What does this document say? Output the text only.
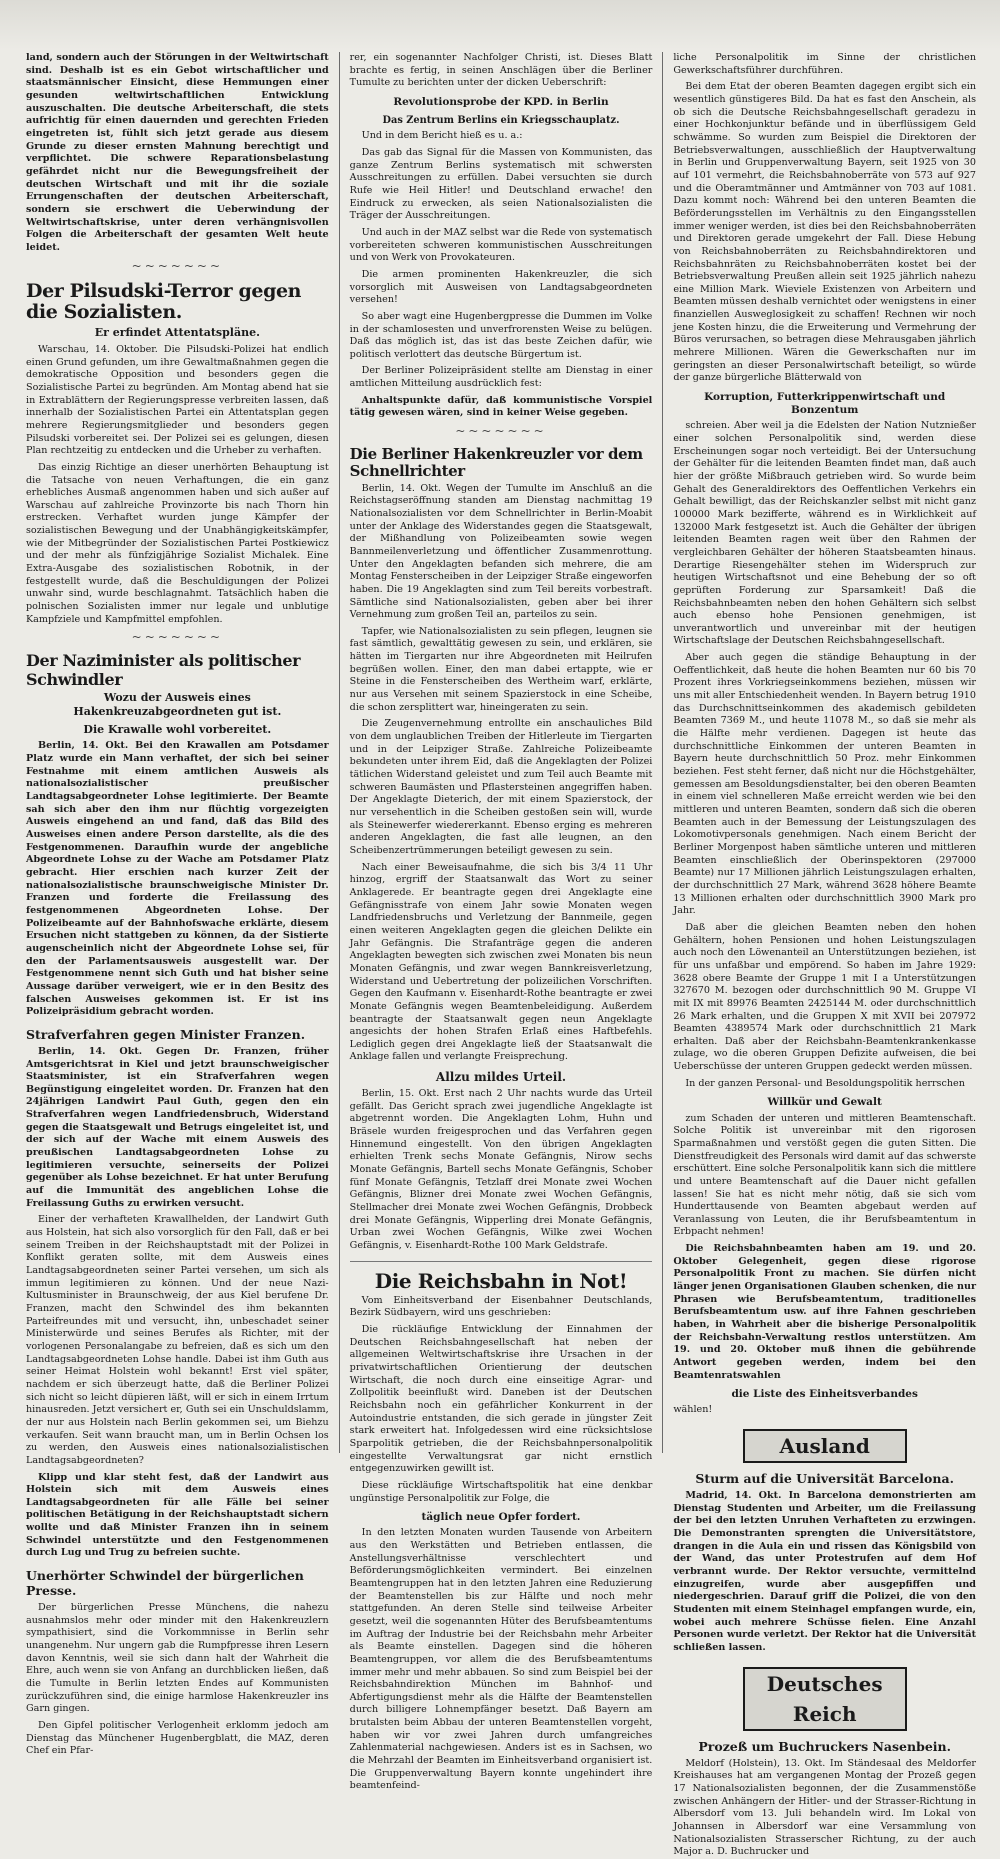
land, sondern auch der Störungen in der Weltwirtschaft sind. Deshalb ist es ein Gebot wirtschaftlicher und staatsmännischer Einsicht, diese Hemmungen einer gesunden weltwirtschaftlichen Entwicklung auszuschalten. Die deutsche Arbeiterschaft, die stets aufrichtig für einen dauernden und gerechten Frieden eingetreten ist, fühlt sich jetzt gerade aus diesem Grunde zu dieser ernsten Mahnung berechtigt und verpflichtet. Die schwere Reparationsbelastung gefährdet nicht nur die Bewegungsfreiheit der deutschen Wirtschaft und mit ihr die soziale Errungenschaften der deutschen Arbeiterschaft, sondern sie erschwert die Ueberwindung der Weltwirtschaftskrise, unter deren verhängnisvollen Folgen die Arbeiterschaft der gesamten Welt heute leidet.

~~~~~~~
Der Pilsudski-Terror gegen die Sozialisten.
Er erfindet Attentatspläne.

Warschau, 14. Oktober. Die Pilsudski-Polizei hat endlich einen Grund gefunden, um ihre Gewaltmaßnahmen gegen die demokratische Opposition und besonders gegen die Sozialistische Partei zu begründen. Am Montag abend hat sie in Extrablättern der Regierungspresse verbreiten lassen, daß innerhalb der Sozialistischen Partei ein Attentatsplan gegen mehrere Regierungsmitglieder und besonders gegen Pilsudski vorbereitet sei. Der Polizei sei es gelungen, diesen Plan rechtzeitig zu entdecken und die Urheber zu verhaften.

Das einzig Richtige an dieser unerhörten Behauptung ist die Tatsache von neuen Verhaftungen, die ein ganz erhebliches Ausmaß angenommen haben und sich außer auf Warschau auf zahlreiche Provinzorte bis nach Thorn hin erstrecken. Verhaftet wurden junge Kämpfer der sozialistischen Bewegung und der Unabhängigkeitskämpfer, wie der Mitbegründer der Sozialistischen Partei Postkiewicz und der mehr als fünfzigjährige Sozialist Michalek. Eine Extra-Ausgabe des sozialistischen Robotnik, in der festgestellt wurde, daß die Beschuldigungen der Polizei unwahr sind, wurde beschlagnahmt. Tatsächlich haben die polnischen Sozialisten immer nur legale und unblutige Kampfziele und Kampfmittel empfohlen.

~~~~~~~
Der Naziminister als politischer Schwindler
Wozu der Ausweis eines Hakenkreuzabgeordneten gut ist.
Die Krawalle wohl vorbereitet.

Berlin, 14. Okt. Bei den Krawallen am Potsdamer Platz wurde ein Mann verhaftet, der sich bei seiner Festnahme mit einem amtlichen Ausweis als nationalsozialistischer preußischer Landtagsabgeordneter Lohse legitimierte. Der Beamte sah sich aber den ihm nur flüchtig vorgezeigten Ausweis eingehend an und fand, daß das Bild des Ausweises einen andere Person darstellte, als die des Festgenommenen. Daraufhin wurde der angebliche Abgeordnete Lohse zu der Wache am Potsdamer Platz gebracht. Hier erschien nach kurzer Zeit der nationalsozialistische braunschweigische Minister Dr. Franzen und forderte die Freilassung des festgenommenen Abgeordneten Lohse. Der Polizeibeamte auf der Bahnhofswache erklärte, diesem Ersuchen nicht stattgeben zu können, da der Sistierte augenscheinlich nicht der Abgeordnete Lohse sei, für den der Parlamentsausweis ausgestellt war. Der Festgenommene nennt sich Guth und hat bisher seine Aussage darüber verweigert, wie er in den Besitz des falschen Ausweises gekommen ist. Er ist ins Polizeipräsidium gebracht worden.

Strafverfahren gegen Minister Franzen.

Berlin, 14. Okt. Gegen Dr. Franzen, früher Amtsgerichtsrat in Kiel und jetzt braunschweigischer Staatsminister, ist ein Strafverfahren wegen Begünstigung eingeleitet worden. Dr. Franzen hat den 24jährigen Landwirt Paul Guth, gegen den ein Strafverfahren wegen Landfriedensbruch, Widerstand gegen die Staatsgewalt und Betrugs eingeleitet ist, und der sich auf der Wache mit einem Ausweis des preußischen Landtagsabgeordneten Lohse zu legitimieren versuchte, seinerseits der Polizei gegenüber als Lohse bezeichnet. Er hat unter Berufung auf die Immunität des angeblichen Lohse die Freilassung Guths zu erwirken versucht.

Einer der verhafteten Krawallhelden, der Landwirt Guth aus Holstein, hat sich also vorsorglich für den Fall, daß er bei seinem Treiben in der Reichshauptstadt mit der Polizei in Konflikt geraten sollte, mit dem Ausweis eines Landtagsabgeordneten seiner Partei versehen, um sich als immun legitimieren zu können. Und der neue Nazi-Kultusminister in Braunschweig, der aus Kiel berufene Dr. Franzen, macht den Schwindel des ihm bekannten Parteifreundes mit und versucht, ihn, unbeschadet seiner Ministerwürde und seines Berufes als Richter, mit der vorlogenen Personalangabe zu befreien, daß es sich um den Landtagsabgeordneten Lohse handle. Dabei ist ihm Guth aus seiner Heimat Holstein wohl bekannt! Erst viel später, nachdem er sich überzeugt hatte, daß die Berliner Polizei sich nicht so leicht düpieren läßt, will er sich in einem Irrtum hinausreden. Jetzt versichert er, Guth sei ein Unschuldslamm, der nur aus Holstein nach Berlin gekommen sei, um Biehzu verkaufen. Seit wann braucht man, um in Berlin Ochsen los zu werden, den Ausweis eines nationalsozialistischen Landtagsabgeordneten?

Klipp und klar steht fest, daß der Landwirt aus Holstein sich mit dem Ausweis eines Landtagsabgeordneten für alle Fälle bei seiner politischen Betätigung in der Reichshauptstadt sichern wollte und daß Minister Franzen ihn in seinem Schwindel unterstützte und den Festgenommenen durch Lug und Trug zu befreien suchte.

Unerhörter Schwindel der bürgerlichen Presse.

Der bürgerlichen Presse Münchens, die nahezu ausnahmslos mehr oder minder mit den Hakenkreuzlern sympathisiert, sind die Vorkommnisse in Berlin sehr unangenehm. Nur ungern gab die Rumpfpresse ihren Lesern davon Kenntnis, weil sie sich dann halt der Wahrheit die Ehre, auch wenn sie von Anfang an durchblicken ließen, daß die Tumulte in Berlin letzten Endes auf Kommunisten zurückzuführen sind, die einige harmlose Hakenkreuzler ins Garn gingen.

Den Gipfel politischer Verlogenheit erklomm jedoch am Dienstag das Münchener Hugenbergblatt, die MAZ, deren Chef ein Pfar-

rer, ein sogenannter Nachfolger Christi, ist. Dieses Blatt brachte es fertig, in seinen Anschlägen über die Berliner Tumulte zu berichten unter der dicken Ueberschrift:

Revolutionsprobe der KPD. in Berlin
Das Zentrum Berlins ein Kriegsschauplatz.

Und in dem Bericht hieß es u. a.:

Das gab das Signal für die Massen von Kommunisten, das ganze Zentrum Berlins systematisch mit schwersten Ausschreitungen zu erfüllen. Dabei versuchten sie durch Rufe wie Heil Hitler! und Deutschland erwache! den Eindruck zu erwecken, als seien Nationalsozialisten die Träger der Ausschreitungen.

Und auch in der MAZ selbst war die Rede von systematisch vorbereiteten schweren kommunistischen Ausschreitungen und von Werk von Provokateuren.

Die armen prominenten Hakenkreuzler, die sich vorsorglich mit Ausweisen von Landtagsabgeordneten versehen!

So aber wagt eine Hugenbergpresse die Dummen im Volke in der schamlosesten und unverfrorensten Weise zu belügen. Daß das möglich ist, das ist das beste Zeichen dafür, wie politisch verlottert das deutsche Bürgertum ist.

Der Berliner Polizeipräsident stellte am Dienstag in einer amtlichen Mitteilung ausdrücklich fest:

Anhaltspunkte dafür, daß kommunistische Vorspiel tätig gewesen wären, sind in keiner Weise gegeben.

~~~~~~~
Die Berliner Hakenkreuzler vor dem Schnellrichter

Berlin, 14. Okt. Wegen der Tumulte im Anschluß an die Reichstagseröffnung standen am Dienstag nachmittag 19 Nationalsozialisten vor dem Schnellrichter in Berlin-Moabit unter der Anklage des Widerstandes gegen die Staatsgewalt, der Mißhandlung von Polizeibeamten sowie wegen Bannmeilenverletzung und öffentlicher Zusammenrottung. Unter den Angeklagten befanden sich mehrere, die am Montag Fensterscheiben in der Leipziger Straße eingeworfen haben. Die 19 Angeklagten sind zum Teil bereits vorbestraft. Sämtliche sind Nationalsozialisten, geben aber bei ihrer Vernehmung zum großen Teil an, parteilos zu sein.

Tapfer, wie Nationalsozialisten zu sein pflegen, leugnen sie fast sämtlich, gewalttätig gewesen zu sein, und erklären, sie hätten im Tiergarten nur ihre Abgeordneten mit Heilrufen begrüßen wollen. Einer, den man dabei ertappte, wie er Steine in die Fensterscheiben des Wertheim warf, erklärte, nur aus Versehen mit seinem Spazierstock in eine Scheibe, die schon zersplittert war, hineingeraten zu sein.

Die Zeugenvernehmung entrollte ein anschauliches Bild von dem unglaublichen Treiben der Hitlerleute im Tiergarten und in der Leipziger Straße. Zahlreiche Polizeibeamte bekundeten unter ihrem Eid, daß die Angeklagten der Polizei tätlichen Widerstand geleistet und zum Teil auch Beamte mit schweren Baumästen und Pflastersteinen angegriffen haben. Der Angeklagte Dieterich, der mit einem Spazierstock, der nur versehentlich in die Scheiben gestoßen sein will, wurde als Steinewerfer wiedererkannt. Ebenso erging es mehreren anderen Angeklagten, die fast alle leugnen, an den Scheibenzertrümmerungen beteiligt gewesen zu sein.

Nach einer Beweisaufnahme, die sich bis 3/4 11 Uhr hinzog, ergriff der Staatsanwalt das Wort zu seiner Anklagerede. Er beantragte gegen drei Angeklagte eine Gefängnisstrafe von einem Jahr sowie Monaten wegen Landfriedensbruchs und Verletzung der Bannmeile, gegen einen weiteren Angeklagten gegen die gleichen Delikte ein Jahr Gefängnis. Die Strafanträge gegen die anderen Angeklagten bewegten sich zwischen zwei Monaten bis neun Monaten Gefängnis, und zwar wegen Bannkreisverletzung, Widerstand und Uebertretung der polizeilichen Vorschriften. Gegen den Kaufmann v. Eisenhardt-Rothe beantragte er zwei Monate Gefängnis wegen Beamtenbeleidigung. Außerdem beantragte der Staatsanwalt gegen neun Angeklagte angesichts der hohen Strafen Erlaß eines Haftbefehls. Lediglich gegen drei Angeklagte ließ der Staatsanwalt die Anklage fallen und verlangte Freisprechung.

Allzu mildes Urteil.

Berlin, 15. Okt. Erst nach 2 Uhr nachts wurde das Urteil gefällt. Das Gericht sprach zwei jugendliche Angeklagte ist abgetrennt worden. Die Angeklagten Lohm, Huhn und Bräsele wurden freigesprochen und das Verfahren gegen Hinnemund eingestellt. Von den übrigen Angeklagten erhielten Trenk sechs Monate Gefängnis, Nirow sechs Monate Gefängnis, Bartell sechs Monate Gefängnis, Schober fünf Monate Gefängnis, Tetzlaff drei Monate zwei Wochen Gefängnis, Blizner drei Monate zwei Wochen Gefängnis, Stellmacher drei Monate zwei Wochen Gefängnis, Drobbeck drei Monate Gefängnis, Wipperling drei Monate Gefängnis, Urban zwei Wochen Gefängnis, Wilke zwei Wochen Gefängnis, v. Eisenhardt-Rothe 100 Mark Geldstrafe.

Die Reichsbahn in Not!

Vom Einheitsverband der Eisenbahner Deutschlands, Bezirk Südbayern, wird uns geschrieben:

Die rückläufige Entwicklung der Einnahmen der Deutschen Reichsbahngesellschaft hat neben der allgemeinen Weltwirtschaftskrise ihre Ursachen in der privatwirtschaftlichen Orientierung der deutschen Wirtschaft, die noch durch eine einseitige Agrar- und Zollpolitik beeinflußt wird. Daneben ist der Deutschen Reichsbahn noch ein gefährlicher Konkurrent in der Autoindustrie entstanden, die sich gerade in jüngster Zeit stark erweitert hat. Infolgedessen wird eine rücksichtslose Sparpolitik getrieben, die der Reichsbahnpersonalpolitik eingestellte Verwaltungsrat gar nicht ernstlich entgegenzuwirken gewillt ist.

Diese rückläufige Wirtschaftspolitik hat eine denkbar ungünstige Personalpolitik zur Folge, die

täglich neue Opfer fordert.

In den letzten Monaten wurden Tausende von Arbeitern aus den Werkstätten und Betrieben entlassen, die Anstellungsverhältnisse verschlechtert und Beförderungsmöglichkeiten vermindert. Bei einzelnen Beamtengruppen hat in den letzten Jahren eine Reduzierung der Beamtenstellen bis zur Hälfte und noch mehr stattgefunden. An deren Stelle sind teilweise Arbeiter gesetzt, weil die sogenannten Hüter des Berufsbeamtentums im Auftrag der Industrie bei der Reichsbahn mehr Arbeiter als Beamte einstellen. Dagegen sind die höheren Beamtengruppen, vor allem die des Berufsbeamtentums immer mehr und mehr abbauen. So sind zum Beispiel bei der Reichsbahndirektion München im Bahnhof- und Abfertigungsdienst mehr als die Hälfte der Beamtenstellen durch billigere Lohnempfänger besetzt. Daß Bayern am brutalsten beim Abbau der unteren Beamtenstellen vorgeht, haben wir vor zwei Jahren durch umfangreiches Zahlenmaterial nachgewiesen. Anders ist es in Sachsen, wo die Mehrzahl der Beamten im Einheitsverband organisiert ist. Die Gruppenverwaltung Bayern konnte ungehindert ihre beamtenfeind-

liche Personalpolitik im Sinne der christlichen Gewerkschaftsführer durchführen.

Bei dem Etat der oberen Beamten dagegen ergibt sich ein wesentlich günstigeres Bild. Da hat es fast den Anschein, als ob sich die Deutsche Reichsbahngesellschaft geradezu in einer Hochkonjunktur befände und in überflüssigem Geld schwämme. So wurden zum Beispiel die Direktoren der Betriebsverwaltungen, ausschließlich der Hauptverwaltung in Berlin und Gruppenverwaltung Bayern, seit 1925 von 30 auf 101 vermehrt, die Reichsbahnoberräte von 573 auf 927 und die Oberamtmänner und Amtmänner von 703 auf 1081. Dazu kommt noch: Während bei den unteren Beamten die Beförderungsstellen im Verhältnis zu den Eingangsstellen immer weniger werden, ist dies bei den Reichsbahnoberräten und Direktoren gerade umgekehrt der Fall. Diese Hebung von Reichsbahnoberräten zu Reichsbahndirektoren und Reichsbahnräten zu Reichsbahnoberräten kostet bei der Betriebsverwaltung Preußen allein seit 1925 jährlich nahezu eine Million Mark. Wieviele Existenzen von Arbeitern und Beamten müssen deshalb vernichtet oder wenigstens in einer finanziellen Ausweglosigkeit zu schaffen! Rechnen wir noch jene Kosten hinzu, die die Erweiterung und Vermehrung der Büros verursachen, so betragen diese Mehrausgaben jährlich mehrere Millionen. Wären die Gewerkschaften nur im geringsten an dieser Personalwirtschaft beteiligt, so würde der ganze bürgerliche Blätterwald von

Korruption, Futterkrippenwirtschaft und Bonzentum

schreien. Aber weil ja die Edelsten der Nation Nutznießer einer solchen Personalpolitik sind, werden diese Erscheinungen sogar noch verteidigt. Bei der Untersuchung der Gehälter für die leitenden Beamten findet man, daß auch hier der größte Mißbrauch getrieben wird. So wurde beim Gehalt des Generaldirektors des Oeffentlichen Verkehrs ein Gehalt bewilligt, das der Reichskanzler selbst mit nicht ganz 100000 Mark bezifferte, während es in Wirklichkeit auf 132000 Mark festgesetzt ist. Auch die Gehälter der übrigen leitenden Beamten ragen weit über den Rahmen der vergleichbaren Gehälter der höheren Staatsbeamten hinaus. Derartige Riesengehälter stehen im Widerspruch zur heutigen Wirtschaftsnot und eine Behebung der so oft geprüften Forderung zur Sparsamkeit! Daß die Reichsbahnbeamten neben den hohen Gehältern sich selbst auch ebenso hohe Pensionen genehmigen, ist unverantwortlich und unvereinbar mit der heutigen Wirtschaftslage der Deutschen Reichsbahngesellschaft.

Aber auch gegen die ständige Behauptung in der Oeffentlichkeit, daß heute die hohen Beamten nur 60 bis 70 Prozent ihres Vorkriegseinkommens beziehen, müssen wir uns mit aller Entschiedenheit wenden. In Bayern betrug 1910 das Durchschnittseinkommen des akademisch gebildeten Beamten 7369 M., und heute 11078 M., so daß sie mehr als die Hälfte mehr verdienen. Dagegen ist heute das durchschnittliche Einkommen der unteren Beamten in Bayern heute durchschnittlich 50 Proz. mehr Einkommen beziehen. Fest steht ferner, daß nicht nur die Höchstgehälter, gemessen am Besoldungsdienstalter, bei den oberen Beamten in einem viel schnelleren Maße erreicht werden wie bei den mittleren und unteren Beamten, sondern daß sich die oberen Beamten auch in der Bemessung der Leistungszulagen des Lokomotivpersonals genehmigen. Nach einem Bericht der Berliner Morgenpost haben sämtliche unteren und mittleren Beamten einschließlich der Oberinspektoren (297000 Beamte) nur 17 Millionen jährlich Leistungszulagen erhalten, der durchschnittlich 27 Mark, während 3628 höhere Beamte 13 Millionen erhalten oder durchschnittlich 3900 Mark pro Jahr.

Daß aber die gleichen Beamten neben den hohen Gehältern, hohen Pensionen und hohen Leistungszulagen auch noch den Löwenanteil an Unterstützungen beziehen, ist für uns unfaßbar und empörend. So haben im Jahre 1929: 3628 obere Beamte der Gruppe 1 mit I a Unterstützungen 327670 M. bezogen oder durchschnittlich 90 M. Gruppe VI mit IX mit 89976 Beamten 2425144 M. oder durchschnittlich 26 Mark erhalten, und die Gruppen X mit XVII bei 207972 Beamten 4389574 Mark oder durchschnittlich 21 Mark erhalten. Daß aber der Reichsbahn-Beamtenkrankenkasse zulage, wo die oberen Gruppen Defizite aufweisen, die bei Ueberschüsse der unteren Gruppen gedeckt werden müssen.

In der ganzen Personal- und Besoldungspolitik herrschen

Willkür und Gewalt

zum Schaden der unteren und mittleren Beamtenschaft. Solche Politik ist unvereinbar mit den rigorosen Sparmaßnahmen und verstößt gegen die guten Sitten. Die Dienstfreudigkeit des Personals wird damit auf das schwerste erschüttert. Eine solche Personalpolitik kann sich die mittlere und untere Beamtenschaft auf die Dauer nicht gefallen lassen! Sie hat es nicht mehr nötig, daß sie sich vom Hunderttausende von Beamten abgebaut werden auf Veranlassung von Leuten, die ihr Berufsbeamtentum in Erbpacht nehmen!

Die Reichsbahnbeamten haben am 19. und 20. Oktober Gelegenheit, gegen diese rigorose Personalpolitik Front zu machen. Sie dürfen nicht länger jenen Organisationen Glauben schenken, die nur Phrasen wie Berufsbeamtentum, traditionelles Berufsbeamtentum usw. auf ihre Fahnen geschrieben haben, in Wahrheit aber die bisherige Personalpolitik der Reichsbahn-Verwaltung restlos unterstützen. Am 19. und 20. Oktober muß ihnen die gebührende Antwort gegeben werden, indem bei den Beamtenratswahlen

die Liste des Einheitsverbandes

wählen!

Ausland
Sturm auf die Universität Barcelona.

Madrid, 14. Okt. In Barcelona demonstrierten am Dienstag Studenten und Arbeiter, um die Freilassung der bei den letzten Unruhen Verhafteten zu erzwingen. Die Demonstranten sprengten die Universitätstore, drangen in die Aula ein und rissen das Königsbild von der Wand, das unter Protestrufen auf dem Hof verbrannt wurde. Der Rektor versuchte, vermittelnd einzugreifen, wurde aber ausgepfiffen und niedergeschrien. Darauf griff die Polizei, die von den Studenten mit einem Steinhagel empfangen wurde, ein, wobei auch mehrere Schüsse fielen. Eine Anzahl Personen wurde verletzt. Der Rektor hat die Universität schließen lassen.

Deutsches Reich
Prozeß um Buchruckers Nasenbein.

Meldorf (Holstein), 13. Okt. Im Ständesaal des Meldorfer Kreishauses hat am vergangenen Montag der Prozeß gegen 17 Nationalsozialisten begonnen, der die Zusammenstöße zwischen Anhängern der Hitler- und der Strasser-Richtung in Albersdorf vom 13. Juli behandeln wird. Im Lokal von Johannsen in Albersdorf war eine Versammlung von Nationalsozialisten Strasserscher Richtung, zu der auch Major a. D. Buchrucker und
